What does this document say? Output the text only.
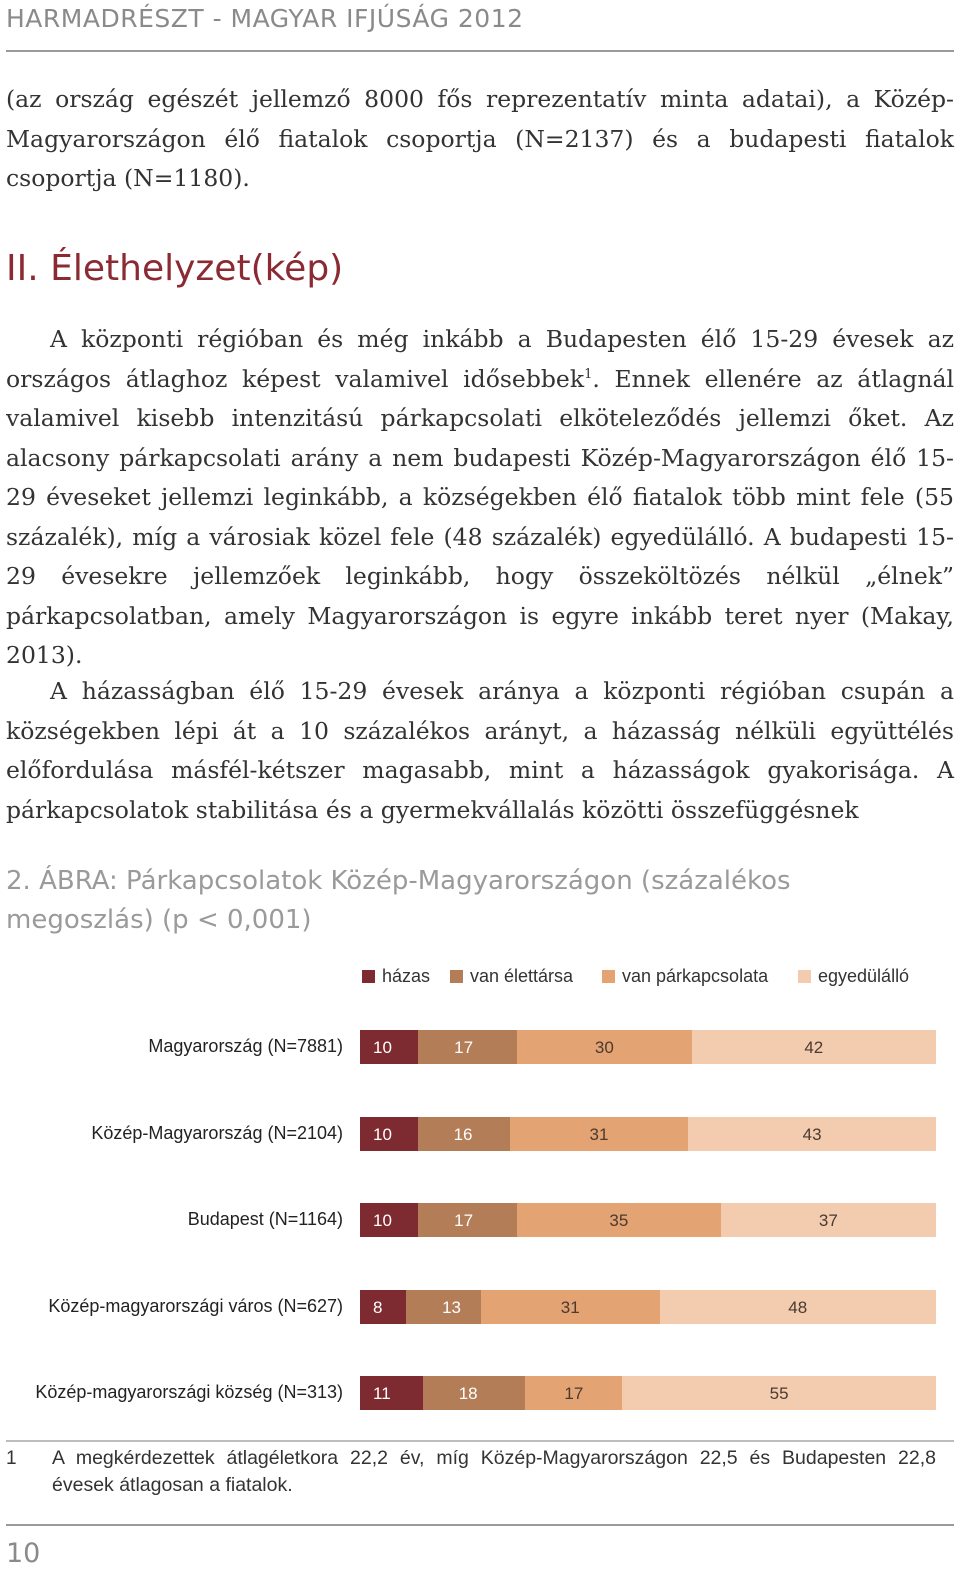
HARMADRÉSZT - MAGYAR IFJÚSÁG 2012

(az ország egészét jellemző 8000 fős reprezentatív minta adatai), a Közép-Magyarországon élő fiatalok csoportja (N=2137) és a budapesti fiatalok csoportja (N=1180).

II. Élethelyzet(kép)

A központi régióban és még inkább a Budapesten élő 15-29 évesek az országos átlaghoz képest valamivel idősebbek$^1$. Ennek ellenére az átlagnál valamivel kisebb intenzitású párkapcsolati elköteleződés jellemzi őket. Az alacsony párkapcsolati arány a nem budapesti Közép-Magyarországon élő 15-29 éveseket jellemzi leginkább, a községekben élő fiatalok több mint fele (55 százalék), míg a városiak közel fele (48 százalék) egyedülálló. A budapesti 15-29 évesekre jellemzőek leginkább, hogy összeköltözés nélkül „élnek” párkapcsolatban, amely Magyarországon is egyre inkább teret nyer (Makay, 2013).

A házasságban élő 15-29 évesek aránya a központi régióban csupán a községekben lépi át a 10 százalékos arányt, a házasság nélküli együttélés előfordulása másfél-kétszer magasabb, mint a házasságok gyakorisága. A párkapcsolatok stabilitása és a gyermekvállalás közötti összefüggésnek

2. ÁBRA: Párkapcsolatok Közép-Magyarországon (százalékos
megoszlás) (p < 0,001)
házas	van élettársa	van párkapcsolata	egyedülálló
Magyarország (N=7881) 10	17	30	42
Közép-Magyarország (N=2104) 10	16	31	43
Budapest (N=1164) 10	17	35	37
Közép-magyarországi város (N=627) 8	13	31	48
Közép-magyarországi község (N=313) 11	18	17	55
1 A megkérdezettek átlagéletkora 22,2 év, míg Közép-Magyarországon 22,5 és Budapesten 22,8 évesek átlagosan a fiatalok.

10
